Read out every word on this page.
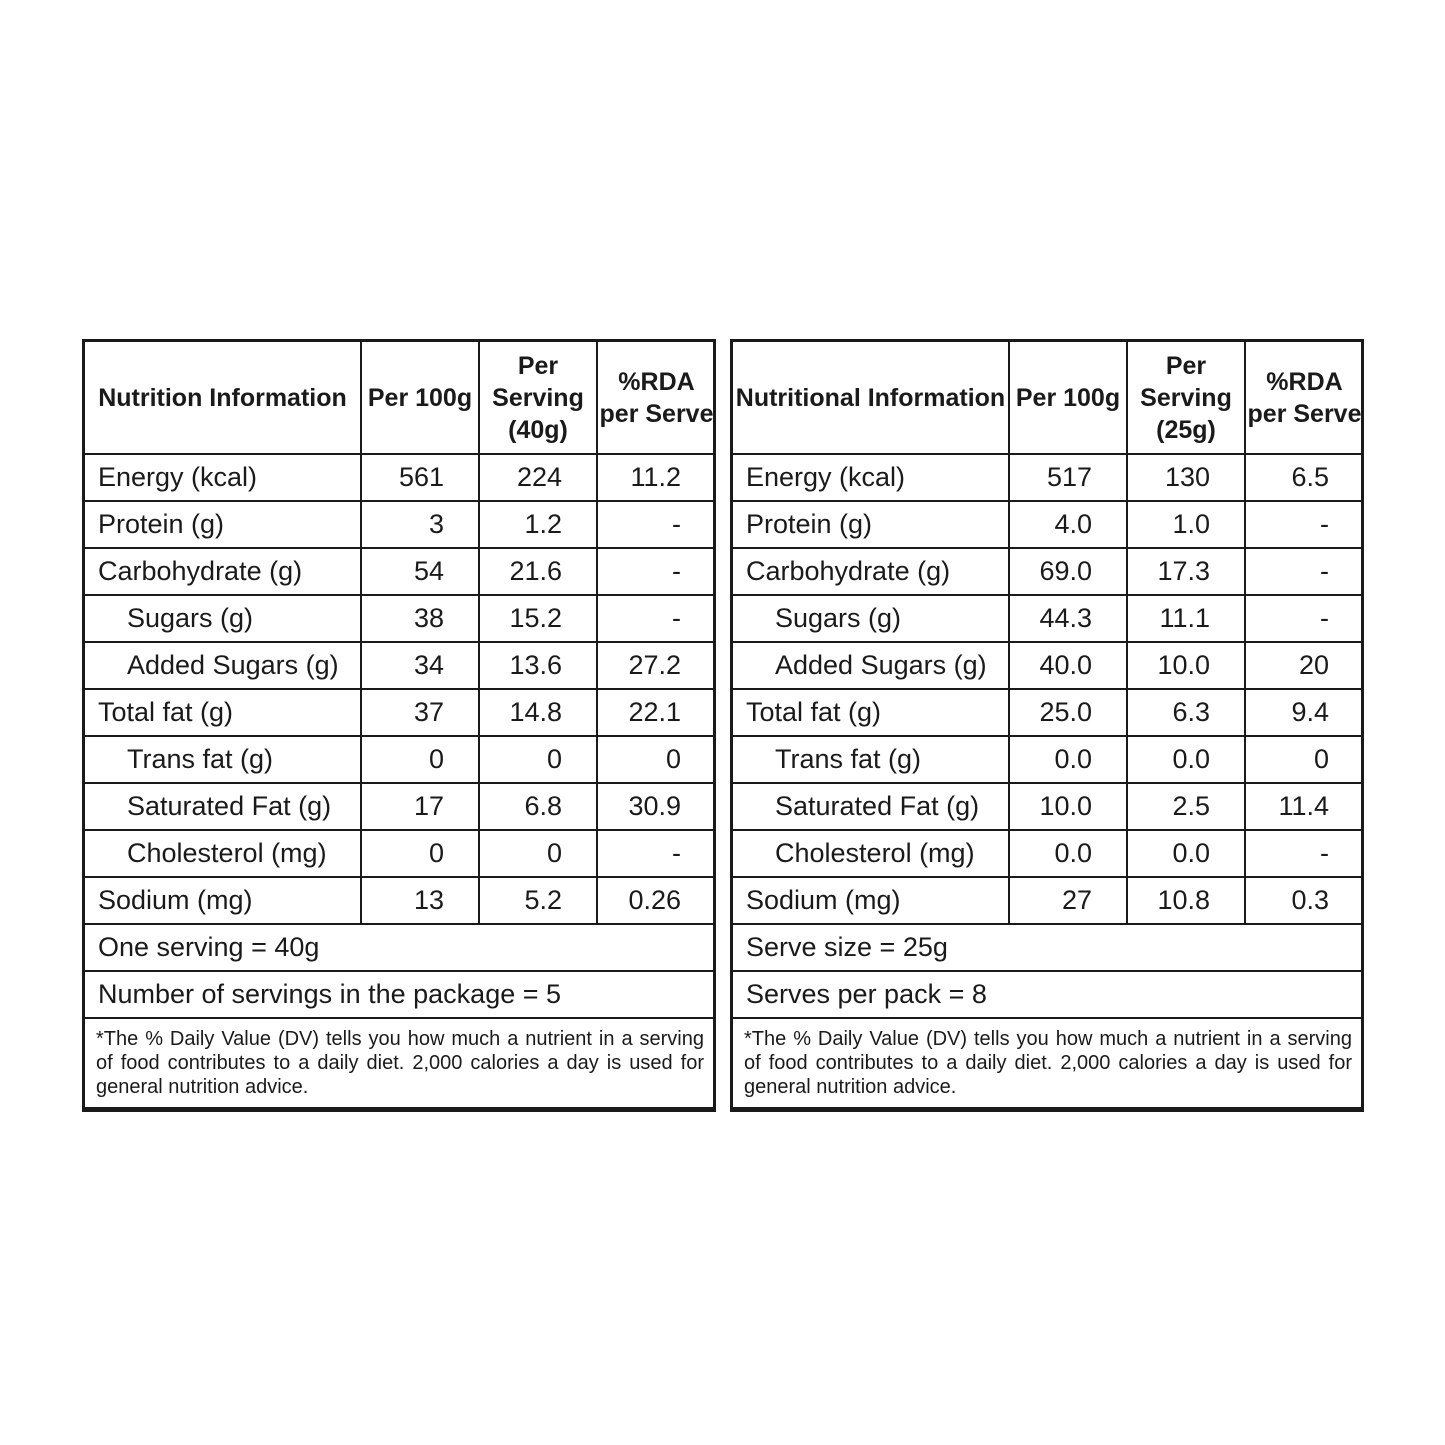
Nutrition Information	Per 100g	Per Serving (40g)	%RDA per Serve
Energy (kcal)	561	224	11.2
Protein (g)	3	1.2	-
Carbohydrate (g)	54	21.6	-
Sugars (g)	38	15.2	-
Added Sugars (g)	34	13.6	27.2
Total fat (g)	37	14.8	22.1
Trans fat (g)	0	0	0
Saturated Fat (g)	17	6.8	30.9
Cholesterol (mg)	0	0	-
Sodium (mg)	13	5.2	0.26
One serving = 40g			
Number of servings in the package = 5			
*The % Daily Value (DV) tells you how much a nutrient in a serving of food contributes to a daily diet. 2,000 calories a day is used for general nutrition advice.			
Nutritional Information	Per 100g	Per Serving (25g)	%RDA per Serve
Energy (kcal)	517	130	6.5
Protein (g)	4.0	1.0	-
Carbohydrate (g)	69.0	17.3	-
Sugars (g)	44.3	11.1	-
Added Sugars (g)	40.0	10.0	20
Total fat (g)	25.0	6.3	9.4
Trans fat (g)	0.0	0.0	0
Saturated Fat (g)	10.0	2.5	11.4
Cholesterol (mg)	0.0	0.0	-
Sodium (mg)	27	10.8	0.3
Serve size = 25g			
Serves per pack = 8			
*The % Daily Value (DV) tells you how much a nutrient in a serving of food contributes to a daily diet. 2,000 calories a day is used for general nutrition advice.			
